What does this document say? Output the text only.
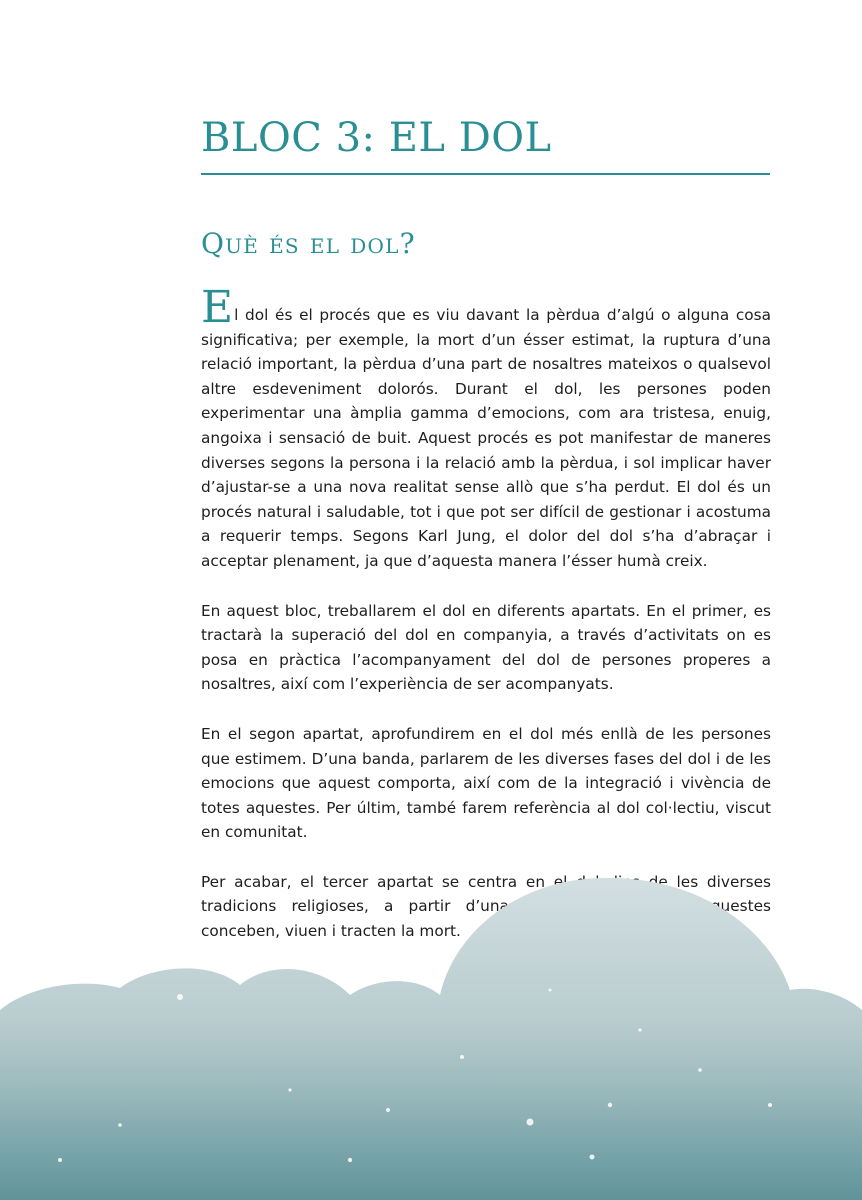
BLOC 3: EL DOL
Què és el dol?

El dol és el procés que es viu davant la pèrdua d’algú o alguna cosa significativa; per exemple, la mort d’un ésser estimat, la ruptura d’una relació important, la pèrdua d’una part de nosaltres mateixos o qualsevol altre esdeveniment dolorós. Durant el dol, les persones poden experimentar una àmplia gamma d’emocions, com ara tristesa, enuig, angoixa i sensació de buit. Aquest procés es pot manifestar de maneres diverses segons la persona i la relació amb la pèrdua, i sol implicar haver d’ajustar-se a una nova realitat sense allò que s’ha perdut. El dol és un procés natural i saludable, tot i que pot ser difícil de gestionar i acostuma a requerir temps. Segons Karl Jung, el dolor del dol s’ha d’abraçar i acceptar plenament, ja que d’aquesta manera l’ésser humà creix.

En aquest bloc, treballarem el dol en diferents apartats. En el primer, es tractarà la superació del dol en companyia, a través d’activitats on es posa en pràctica l’acompanyament del dol de persones properes a nosaltres, així com l’experiència de ser acompanyats.

En el segon apartat, aprofundirem en el dol més enllà de les persones que estimem. D’una banda, parlarem de les diverses fases del dol i de les emocions que aquest comporta, així com de la integració i vivència de totes aquestes. Per últim, també farem referència al dol col·lectiu, viscut en comunitat.

Per acabar, el tercer apartat se centra en el dol dins de les diverses tradicions religioses, a partir d’una reflexió sobre com aquestes conceben, viuen i tracten la mort.
